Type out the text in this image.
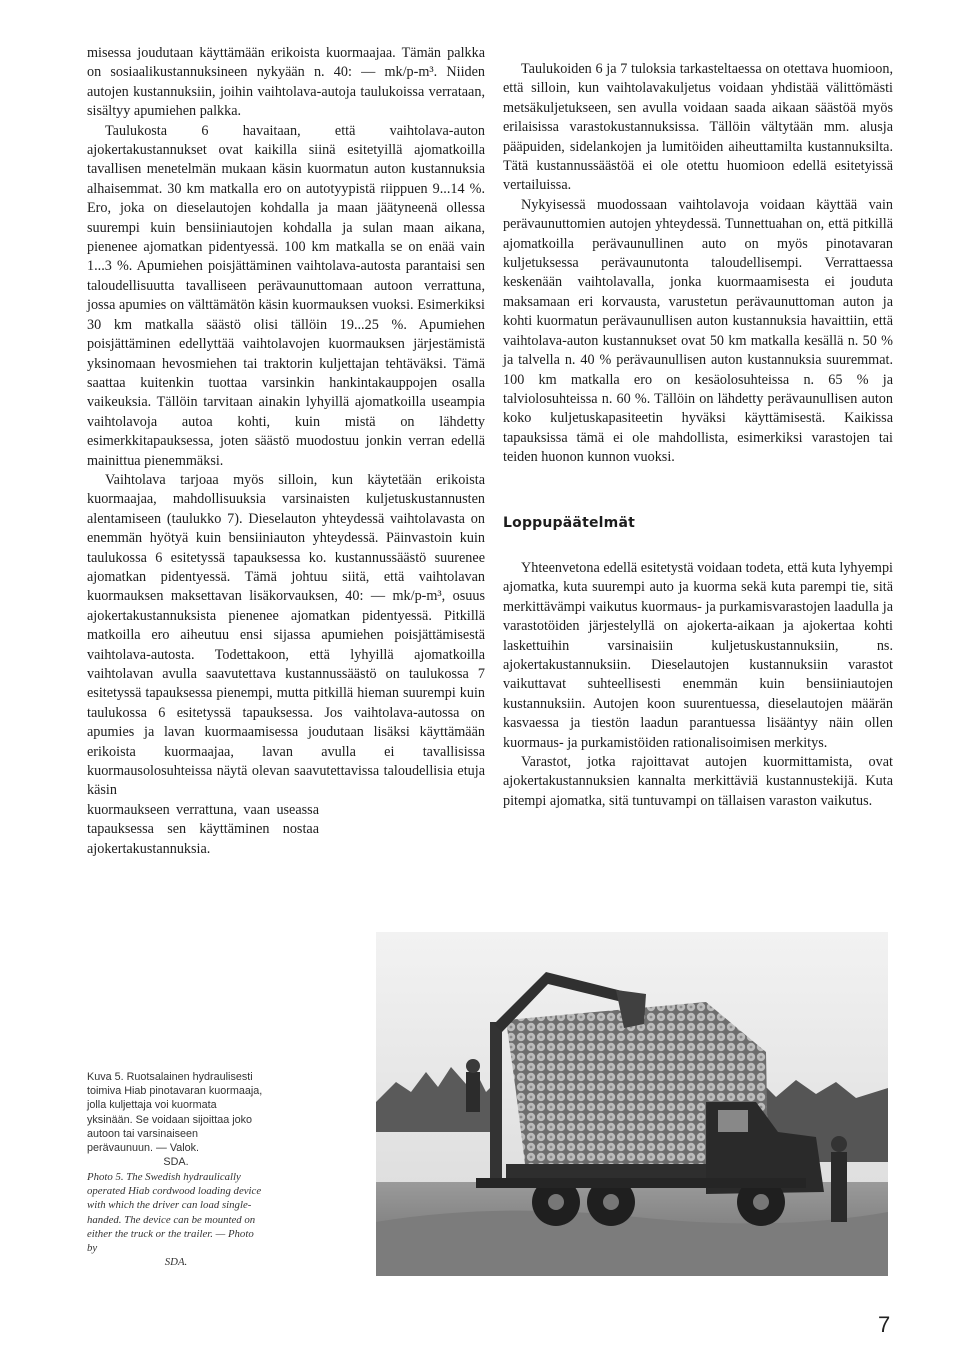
misessa joudutaan käyttämään erikoista kuormaajaa. Tämän palkka on sosiaalikustannuksineen nykyään n. 40: — mk/p-m³. Niiden autojen kustannuksiin, joihin vaihtolava-autoja taulukoissa verrataan, sisältyy apumiehen palkka.

Taulukosta 6 havaitaan, että vaihtolava-auton ajokertakustannukset ovat kaikilla siinä esitetyillä ajomatkoilla tavallisen menetelmän mukaan käsin kuormatun auton kustannuksia alhaisemmat. 30 km matkalla ero on autotyypistä riippuen 9...14 %. Ero, joka on dieselautojen kohdalla ja maan jäätyneenä ollessa suurempi kuin bensiiniautojen kohdalla ja sulan maan aikana, pienenee ajomatkan pidentyessä. 100 km matkalla se on enää vain 1...3 %. Apumiehen poisjättäminen vaihtolava-autosta parantaisi sen taloudellisuutta tavalliseen perävaunuttomaan autoon verrattuna, jossa apumies on välttämätön käsin kuormauksen vuoksi. Esimerkiksi 30 km matkalla säästö olisi tällöin 19...25 %. Apumiehen poisjättäminen edellyttää vaihtolavojen kuormauksen järjestämistä yksinomaan hevosmiehen tai traktorin kuljettajan tehtäväksi. Tämä saattaa kuitenkin tuottaa varsinkin hankintakauppojen osalla vaikeuksia. Tällöin tarvitaan ainakin lyhyillä ajomatkoilla useampia vaihtolavoja autoa kohti, kuin mistä on lähdetty esimerkkitapauksessa, joten säästö muodostuu jonkin verran edellä mainittua pienemmäksi.

Vaihtolava tarjoaa myös silloin, kun käytetään erikoista kuormaajaa, mahdollisuuksia varsinaisten kuljetuskustannusten alentamiseen (taulukko 7). Dieselauton yhteydessä vaihtolavasta on enemmän hyötyä kuin bensiiniauton yhteydessä. Päinvastoin kuin taulukossa 6 esitetyssä tapauksessa ko. kustannussäästö suurenee ajomatkan pidentyessä. Tämä johtuu siitä, että vaihtolavan kuormauksen maksettavan lisäkorvauksen, 40: — mk/p-m³, osuus ajokertakustannuksista pienenee ajomatkan pidentyessä. Pitkillä matkoilla ero aiheutuu ensi sijassa apumiehen poisjättämisestä vaihtolava-autosta. Todettakoon, että lyhyillä ajomatkoilla vaihtolavan avulla saavutettava kustannussäästö on taulukossa 7 esitetyssä tapauksessa pienempi, mutta pitkillä hieman suurempi kuin taulukossa 6 esitetyssä tapauksessa. Jos vaihtolava-autossa on apumies ja lavan kuormaamisessa joudutaan lisäksi käyttämään erikoista kuormaajaa, lavan avulla ei tavallisissa kuormausolosuhteissa näytä olevan saavutettavissa taloudellisia etuja käsin

kuormaukseen verrattuna, vaan useassa tapauksessa sen käyttäminen nostaa ajokertakustannuksia.

Taulukoiden 6 ja 7 tuloksia tarkasteltaessa on otettava huomioon, että silloin, kun vaihtolavakuljetus voidaan yhdistää välittömästi metsäkuljetukseen, sen avulla voidaan saada aikaan säästöä myös erilaisissa varastokustannuksissa. Tällöin vältytään mm. alusja pääpuiden, sidelankojen ja lumitöiden aiheuttamilta kustannuksilta. Tätä kustannussäästöä ei ole otettu huomioon edellä esitetyissä vertailuissa.

Nykyisessä muodossaan vaihtolavoja voidaan käyttää vain perävaunuttomien autojen yhteydessä. Tunnettuahan on, että pitkillä ajomatkoilla perävaunullinen auto on myös pinotavaran kuljetuksessa perävaunutonta taloudellisempi. Verrattaessa keskenään vaihtolavalla, jonka kuormaamisesta ei jouduta maksamaan eri korvausta, varustetun perävaunuttoman auton ja kohti kuormatun perävaunullisen auton kustannuksia havaittiin, että vaihtolava-auton kustannukset ovat 50 km matkalla kesällä n. 50 % ja talvella n. 40 % perävaunullisen auton kustannuksia suuremmat. 100 km matkalla ero on kesäolosuhteissa n. 65 % ja talviolosuhteissa n. 60 %. Tällöin on lähdetty perävaunullisen auton koko kuljetuskapasiteetin hyväksi käyttämisestä. Kaikissa tapauksissa tämä ei ole mahdollista, esimerkiksi varastojen tai teiden huonon kunnon vuoksi.

Loppupäätelmät

Yhteenvetona edellä esitetystä voidaan todeta, että kuta lyhyempi ajomatka, kuta suurempi auto ja kuorma sekä kuta parempi tie, sitä merkittävämpi vaikutus kuormaus- ja purkamisvarastojen laadulla ja varastotöiden järjestelyllä on ajokerta-aikaan ja ajokertaa kohti laskettuihin varsinaisiin kuljetuskustannuksiin, ns. ajokertakustannuksiin. Dieselautojen kustannuksiin varastot vaikuttavat suhteellisesti enemmän kuin bensiiniautojen kustannuksiin. Autojen koon suurentuessa, dieselautojen määrän kasvaessa ja tiestön laadun parantuessa lisääntyy näin ollen kuormaus- ja purkamistöiden rationalisoimisen merkitys.

Varastot, jotka rajoittavat autojen kuormittamista, ovat ajokertakustannuksien kannalta merkittäviä kustannustekijä. Kuta pitempi ajomatka, sitä tuntuvampi on tällaisen varaston vaikutus.

Kuva 5. Ruotsalainen hydraulisesti toimiva Hiab pinotavaran kuormaaja, jolla kuljettaja voi kuormata yksinään. Se voidaan sijoittaa joko autoon tai varsinaiseen perävaunuun. — Valok.
SDA.
Photo 5. The Swedish hydraulically operated Hiab cordwood loading device with which the driver can load single-handed. The device can be mounted on either the truck or the trailer. — Photo by
SDA.
7
